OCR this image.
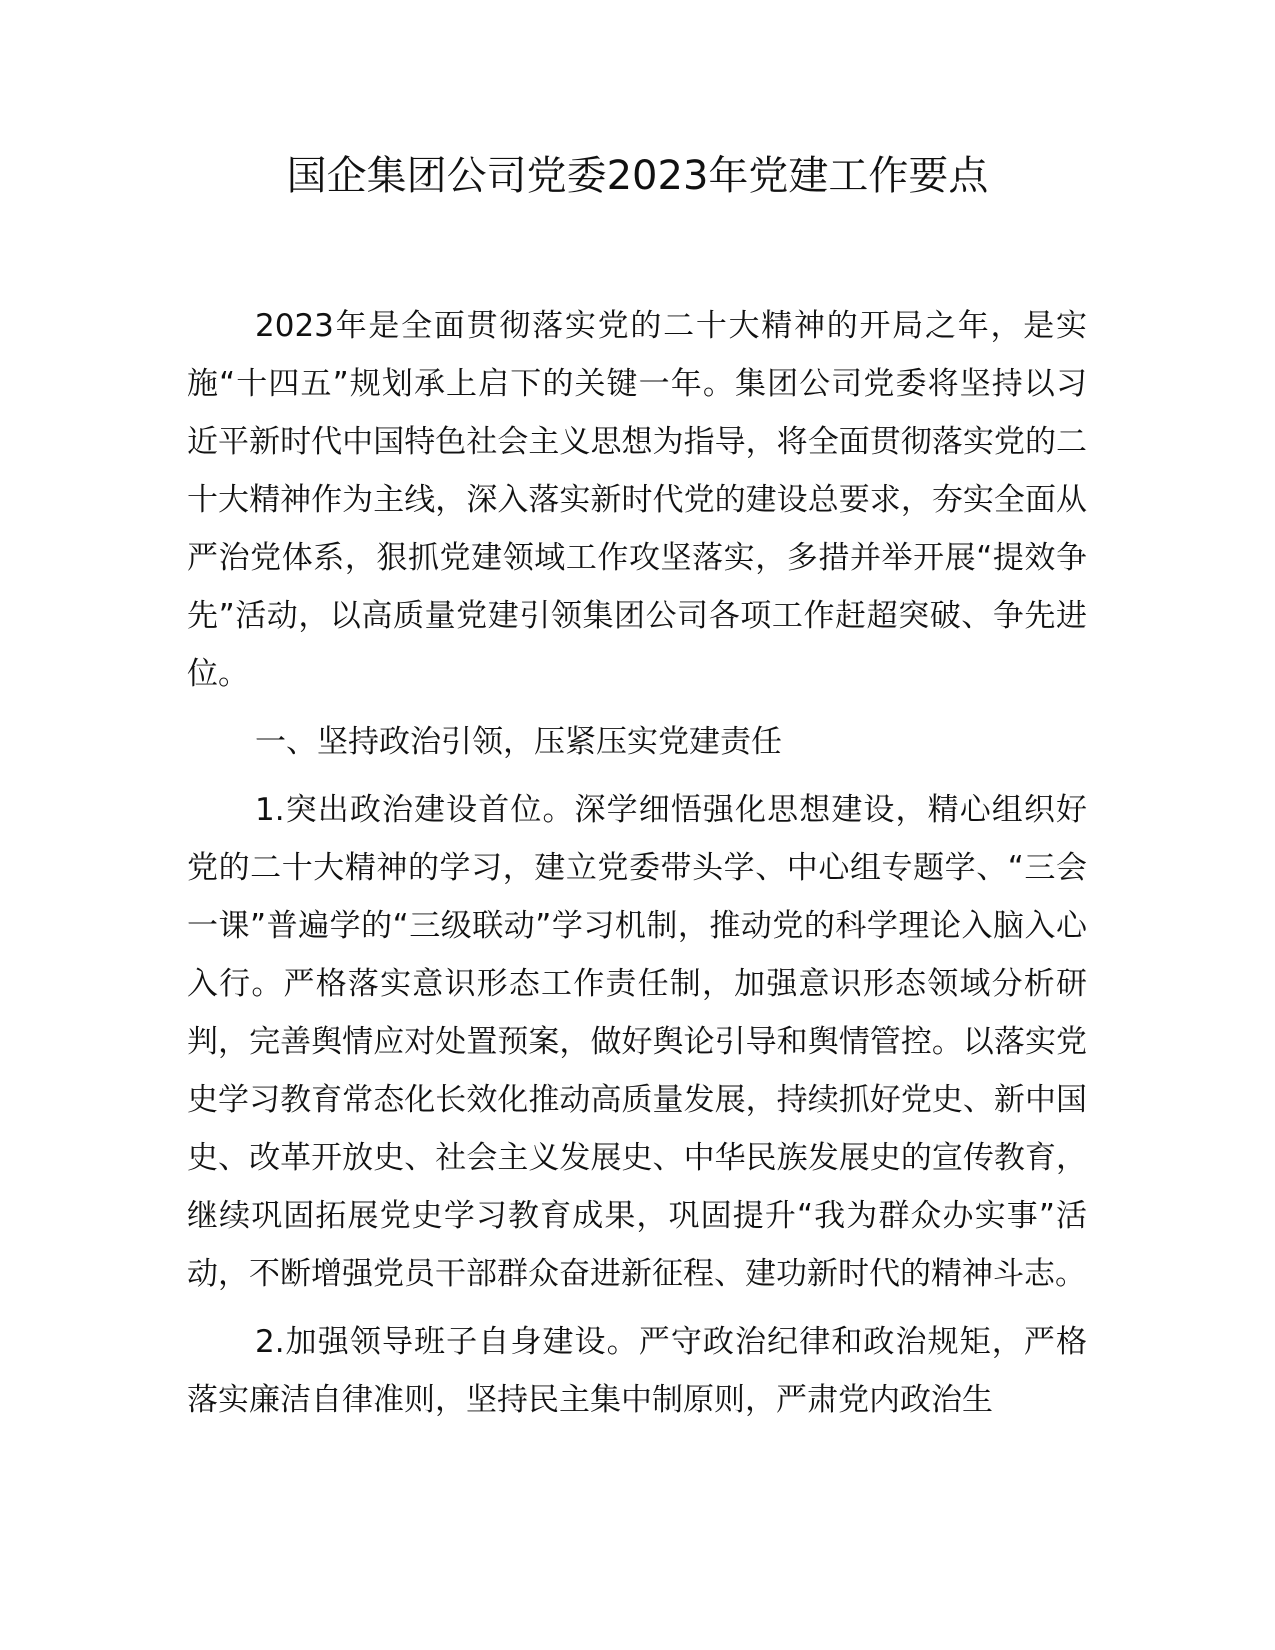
国企集团公司党委2023年党建工作要点

2023年是全面贯彻落实党的二十大精神的开局之年，是实施“十四五”规划承上启下的关键一年。集团公司党委将坚持以习近平新时代中国特色社会主义思想为指导，将全面贯彻落实党的二十大精神作为主线，深入落实新时代党的建设总要求，夯实全面从严治党体系，狠抓党建领域工作攻坚落实，多措并举开展“提效争先”活动，以高质量党建引领集团公司各项工作赶超突破、争先进位。

一、坚持政治引领，压紧压实党建责任

1.突出政治建设首位。深学细悟强化思想建设，精心组织好党的二十大精神的学习，建立党委带头学、中心组专题学、“三会一课”普遍学的“三级联动”学习机制，推动党的科学理论入脑入心入行。严格落实意识形态工作责任制，加强意识形态领域分析研判，完善舆情应对处置预案，做好舆论引导和舆情管控。以落实党史学习教育常态化长效化推动高质量发展，持续抓好党史、新中国史、改革开放史、社会主义发展史、中华民族发展史的宣传教育，继续巩固拓展党史学习教育成果，巩固提升“我为群众办实事”活动，不断增强党员干部群众奋进新征程、建功新时代的精神斗志。

2.加强领导班子自身建设。严守政治纪律和政治规矩，严格落实廉洁自律准则，坚持民主集中制原则，严肃党内政治生
